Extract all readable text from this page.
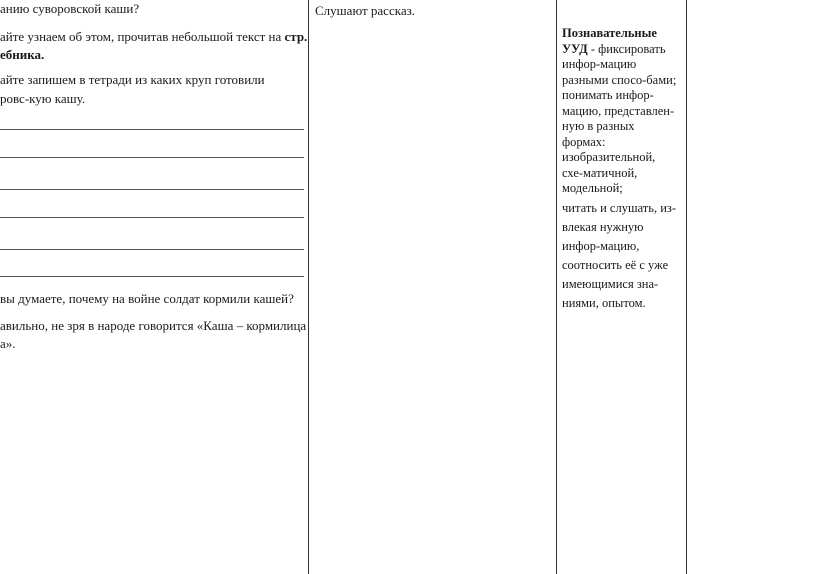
анию суворовской каши?
айте узнаем об этом, прочитав небольшой текст на стр.
ебника.
айте запишем в тетради из каких круп готовили
ровс-кую кашу.
вы думаете, почему на войне солдат кормили кашей?
авильно, не зря в народе говорится «Каша – кормилица
а».
Слушают рассказ.
Познавательные
УУД - фиксировать
инфор-мацию
разными спосо-бами;
понимать инфор-
мацию, представлен-
ную в разных
формах:
изобразительной,
схе-матичной,
модельной;
читать и слушать, из-
влекая нужную
инфор-мацию,
соотносить её с уже
имеющимися зна-
ниями, опытом.
